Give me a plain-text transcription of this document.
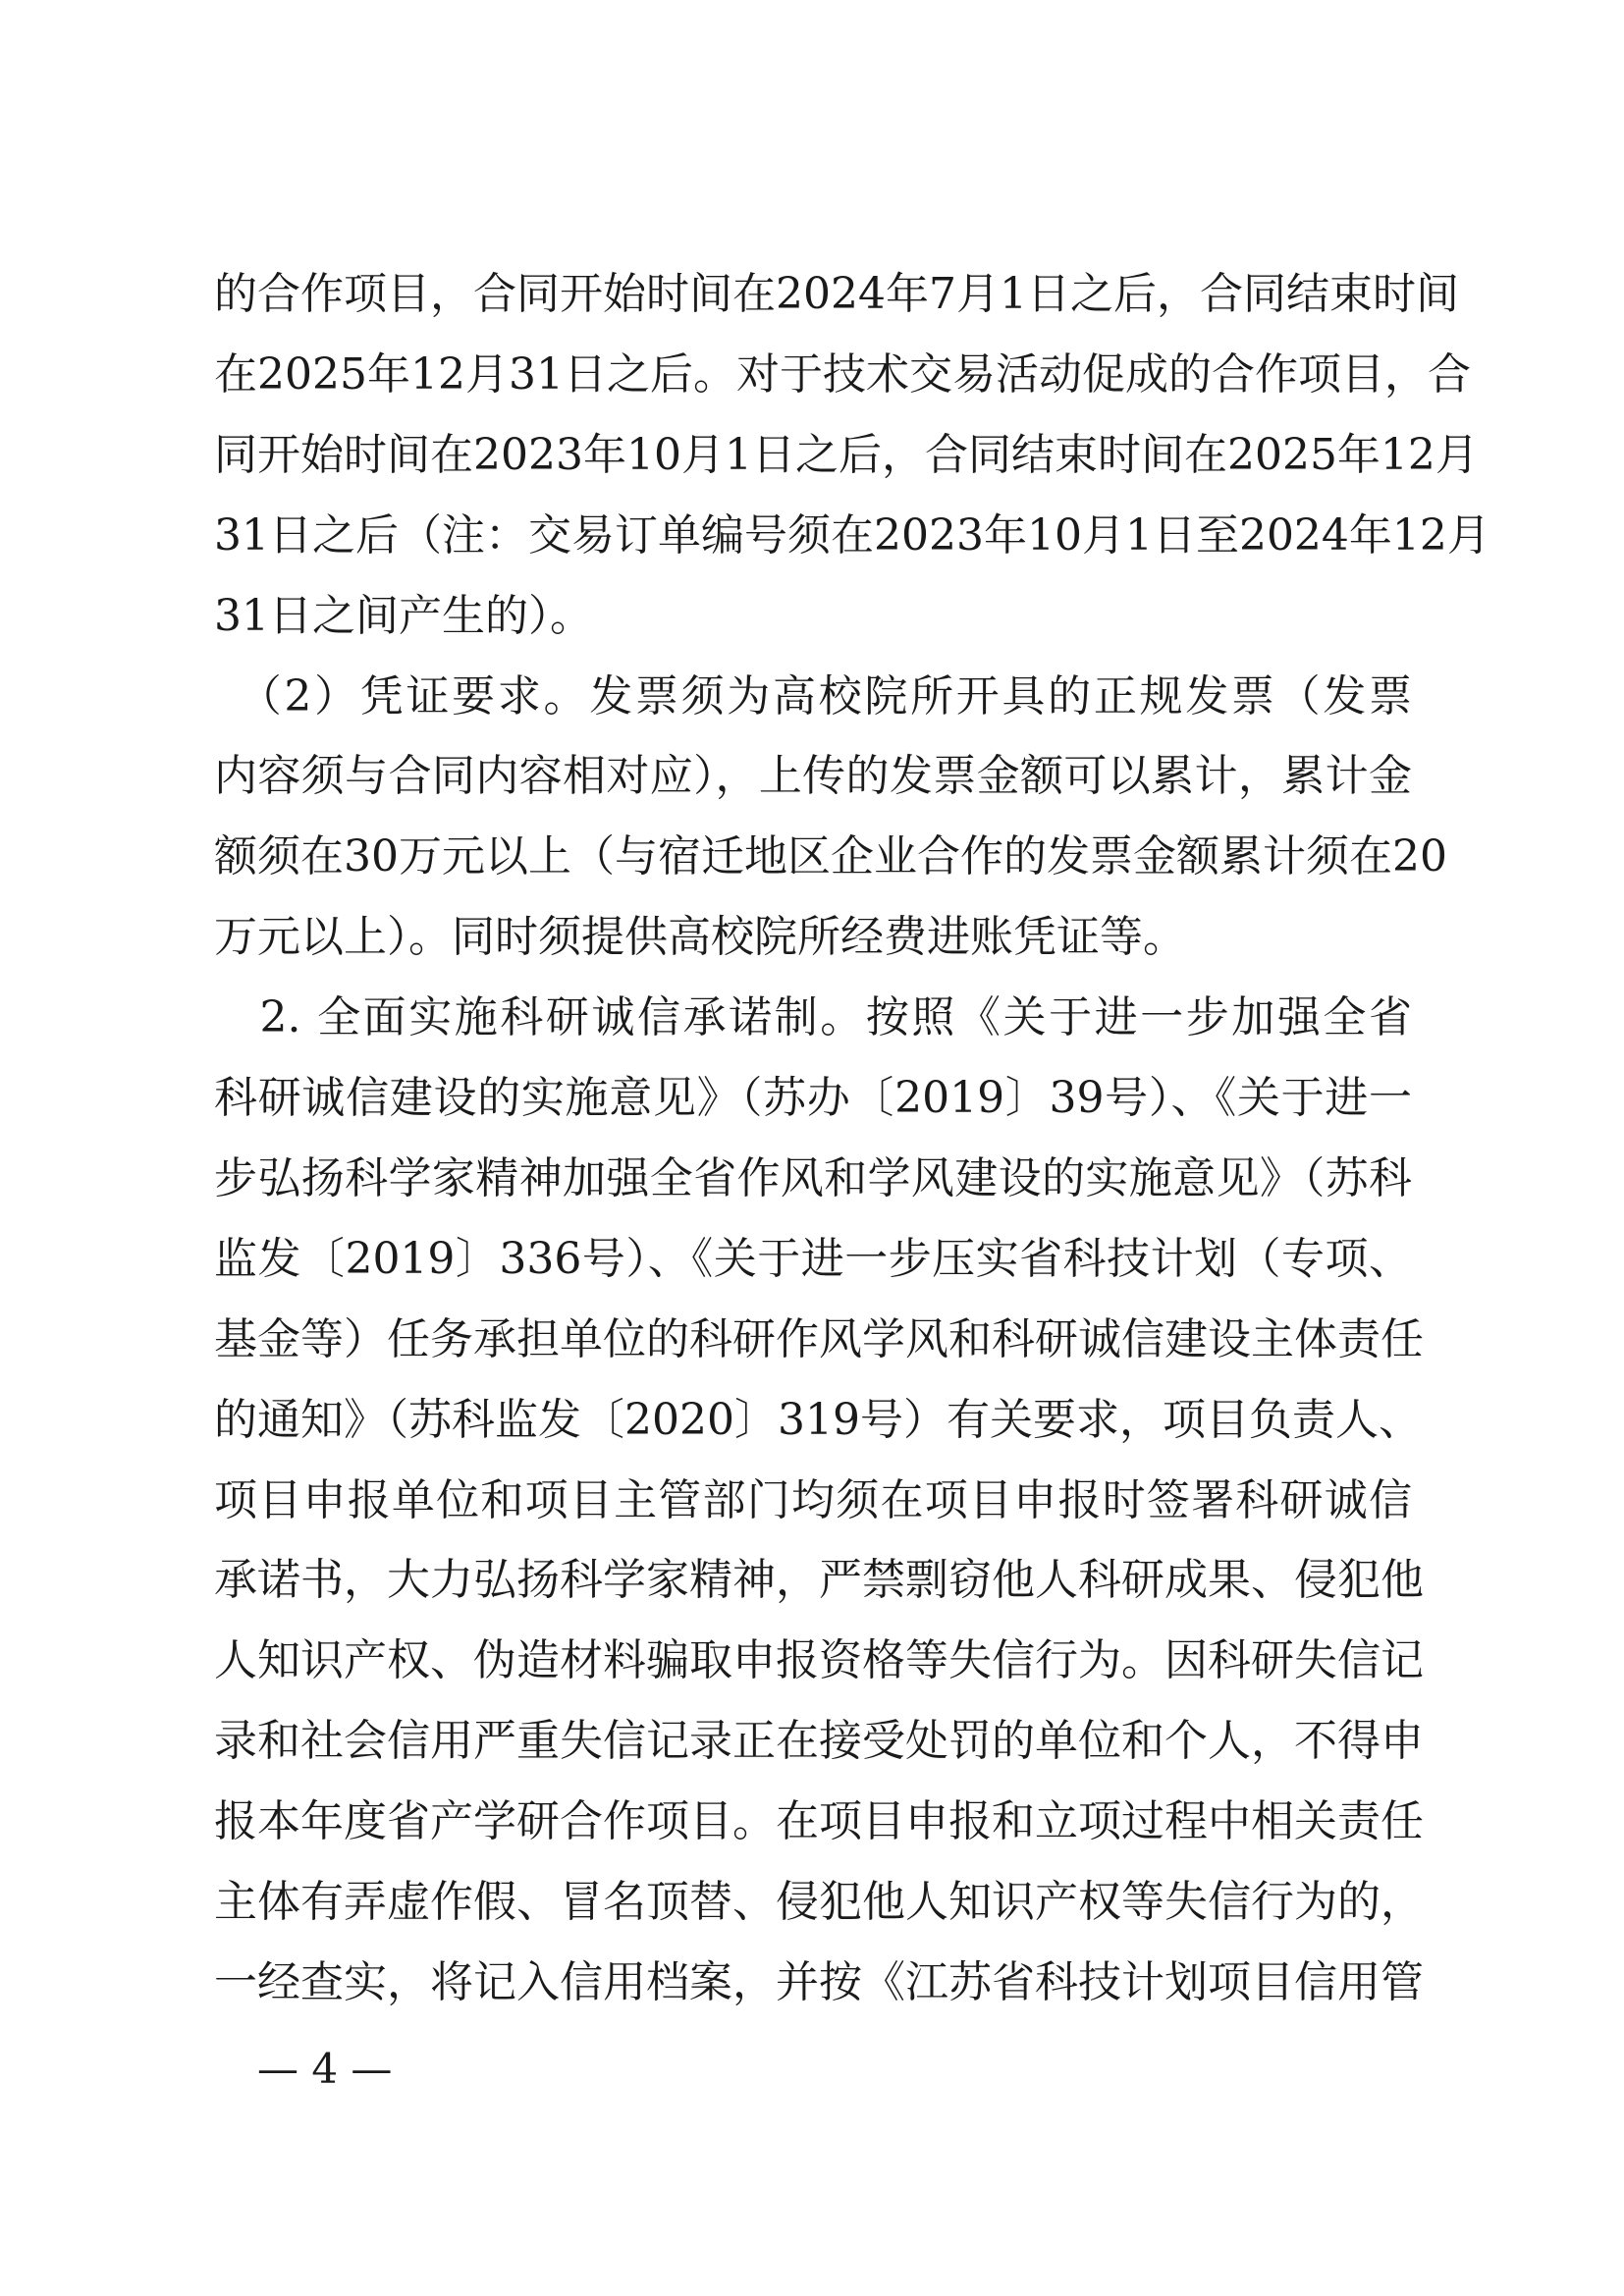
的合作项目，合同开始时间在2024年7月1日之后，合同结束时间
在2025年12月31日之后。对于技术交易活动促成的合作项目，合
同开始时间在2023年10月1日之后，合同结束时间在2025年12月
31日之后（注：交易订单编号须在2023年10月1日至2024年12月
31日之间产生的）。
　（2）凭证要求。发票须为高校院所开具的正规发票（发票
内容须与合同内容相对应），上传的发票金额可以累计，累计金
额须在30万元以上（与宿迁地区企业合作的发票金额累计须在20
万元以上）。同时须提供高校院所经费进账凭证等。
　2. 全面实施科研诚信承诺制。按照《关于进一步加强全省
科研诚信建设的实施意见》（苏办〔2019〕39号）、《关于进一
步弘扬科学家精神加强全省作风和学风建设的实施意见》（苏科
监发〔2019〕336号）、《关于进一步压实省科技计划（专项、
基金等）任务承担单位的科研作风学风和科研诚信建设主体责任
的通知》（苏科监发〔2020〕319号）有关要求，项目负责人、
项目申报单位和项目主管部门均须在项目申报时签署科研诚信
承诺书，大力弘扬科学家精神，严禁剽窃他人科研成果、侵犯他
人知识产权、伪造材料骗取申报资格等失信行为。因科研失信记
录和社会信用严重失信记录正在接受处罚的单位和个人，不得申
报本年度省产学研合作项目。在项目申报和立项过程中相关责任
主体有弄虚作假、冒名顶替、侵犯他人知识产权等失信行为的，
一经查实，将记入信用档案，并按《江苏省科技计划项目信用管
— 4 —
